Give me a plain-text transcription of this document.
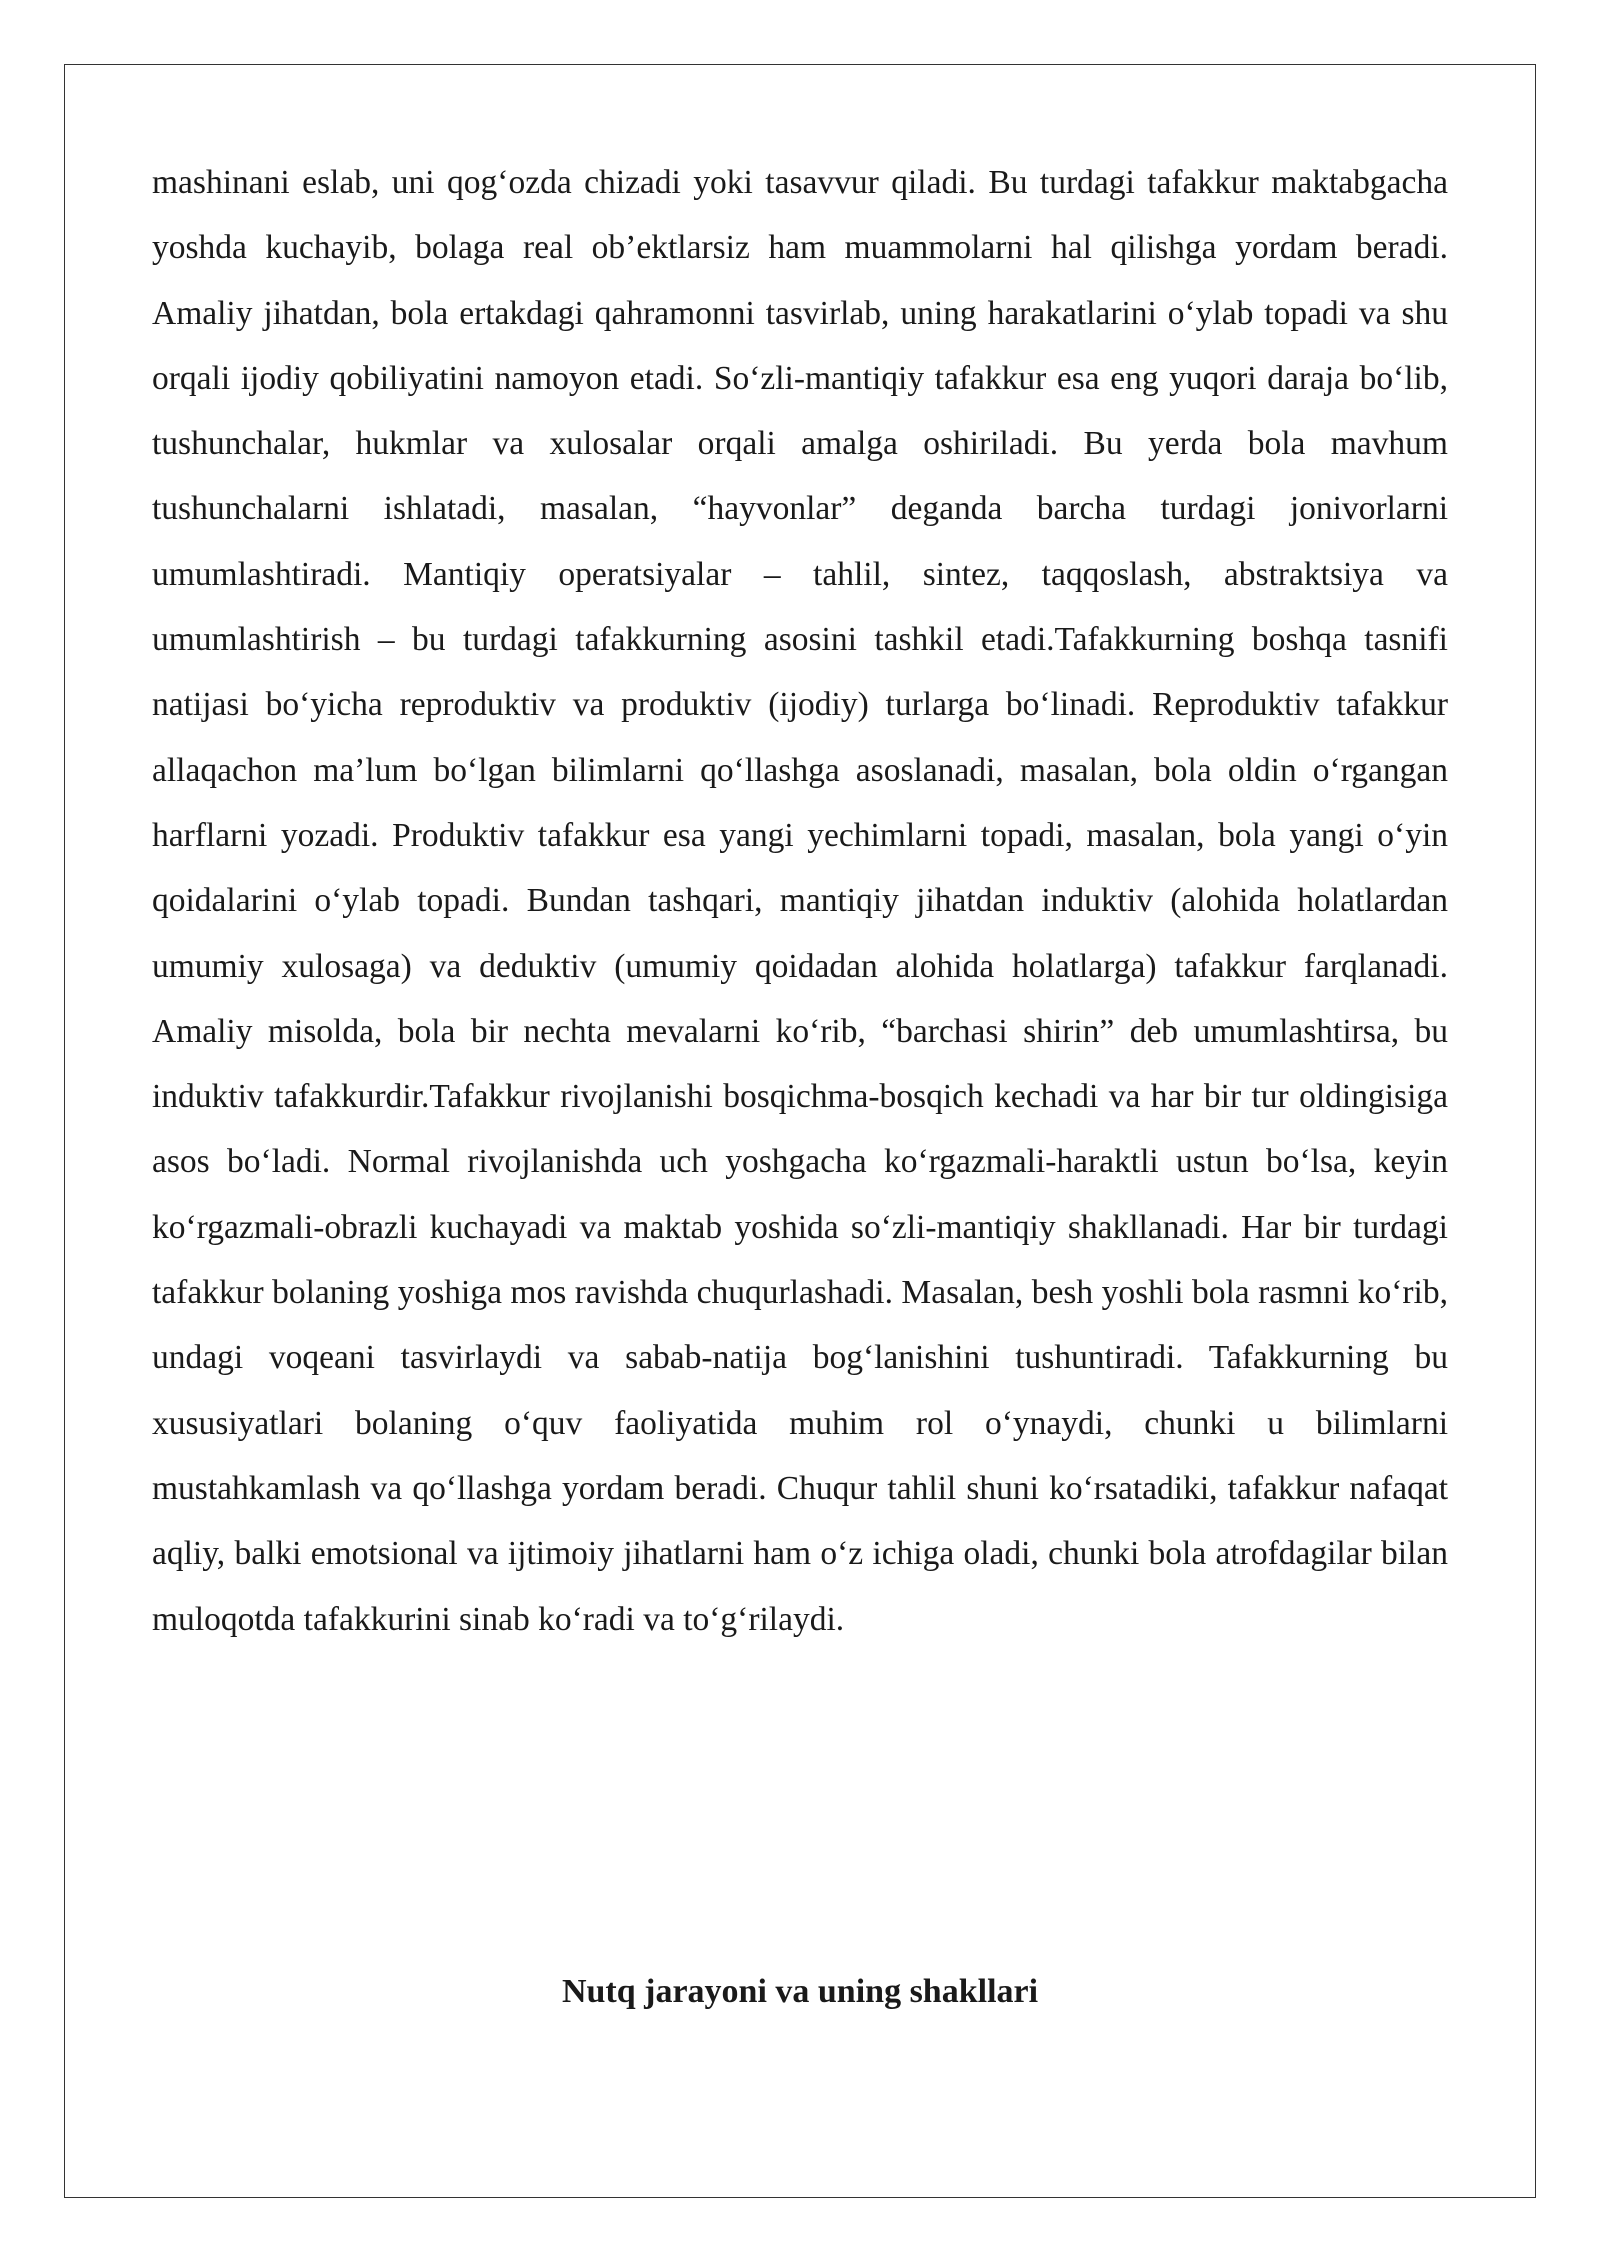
mashinani eslab, uni qog‘ozda chizadi yoki tasavvur qiladi. Bu turdagi tafakkur maktabgacha yoshda kuchayib, bolaga real ob’ektlarsiz ham muammolarni hal qilishga yordam beradi. Amaliy jihatdan, bola ertakdagi qahramonni tasvirlab, uning harakatlarini o‘ylab topadi va shu orqali ijodiy qobiliyatini namoyon etadi. So‘zli-mantiqiy tafakkur esa eng yuqori daraja bo‘lib, tushunchalar, hukmlar va xulosalar orqali amalga oshiriladi. Bu yerda bola mavhum tushunchalarni ishlatadi, masalan, “hayvonlar” deganda barcha turdagi jonivorlarni umumlashtiradi. Mantiqiy operatsiyalar – tahlil, sintez, taqqoslash, abstraktsiya va umumlashtirish – bu turdagi tafakkurning asosini tashkil etadi.Tafakkurning boshqa tasnifi natijasi bo‘yicha reproduktiv va produktiv (ijodiy) turlarga bo‘linadi. Reproduktiv tafakkur allaqachon ma’lum bo‘lgan bilimlarni qo‘llashga asoslanadi, masalan, bola oldin o‘rgangan harflarni yozadi. Produktiv tafakkur esa yangi yechimlarni topadi, masalan, bola yangi o‘yin qoidalarini o‘ylab topadi. Bundan tashqari, mantiqiy jihatdan induktiv (alohida holatlardan umumiy xulosaga) va deduktiv (umumiy qoidadan alohida holatlarga) tafakkur farqlanadi. Amaliy misolda, bola bir nechta mevalarni ko‘rib, “barchasi shirin” deb umumlashtirsa, bu induktiv tafakkurdir.Tafakkur rivojlanishi bosqichma-bosqich kechadi va har bir tur oldingisiga asos bo‘ladi. Normal rivojlanishda uch yoshgacha ko‘rgazmali-haraktli ustun bo‘lsa, keyin ko‘rgazmali-obrazli kuchayadi va maktab yoshida so‘zli-mantiqiy shakllanadi. Har bir turdagi tafakkur bolaning yoshiga mos ravishda chuqurlashadi. Masalan, besh yoshli bola rasmni ko‘rib, undagi voqeani tasvirlaydi va sabab-natija bog‘lanishini tushuntiradi. Tafakkurning bu xususiyatlari bolaning o‘quv faoliyatida muhim rol o‘ynaydi, chunki u bilimlarni mustahkamlash va qo‘llashga yordam beradi. Chuqur tahlil shuni ko‘rsatadiki, tafakkur nafaqat aqliy, balki emotsional va ijtimoiy jihatlarni ham o‘z ichiga oladi, chunki bola atrofdagilar bilan muloqotda tafakkurini sinab ko‘radi va to‘g‘rilaydi.

Nutq jarayoni va uning shakllari
